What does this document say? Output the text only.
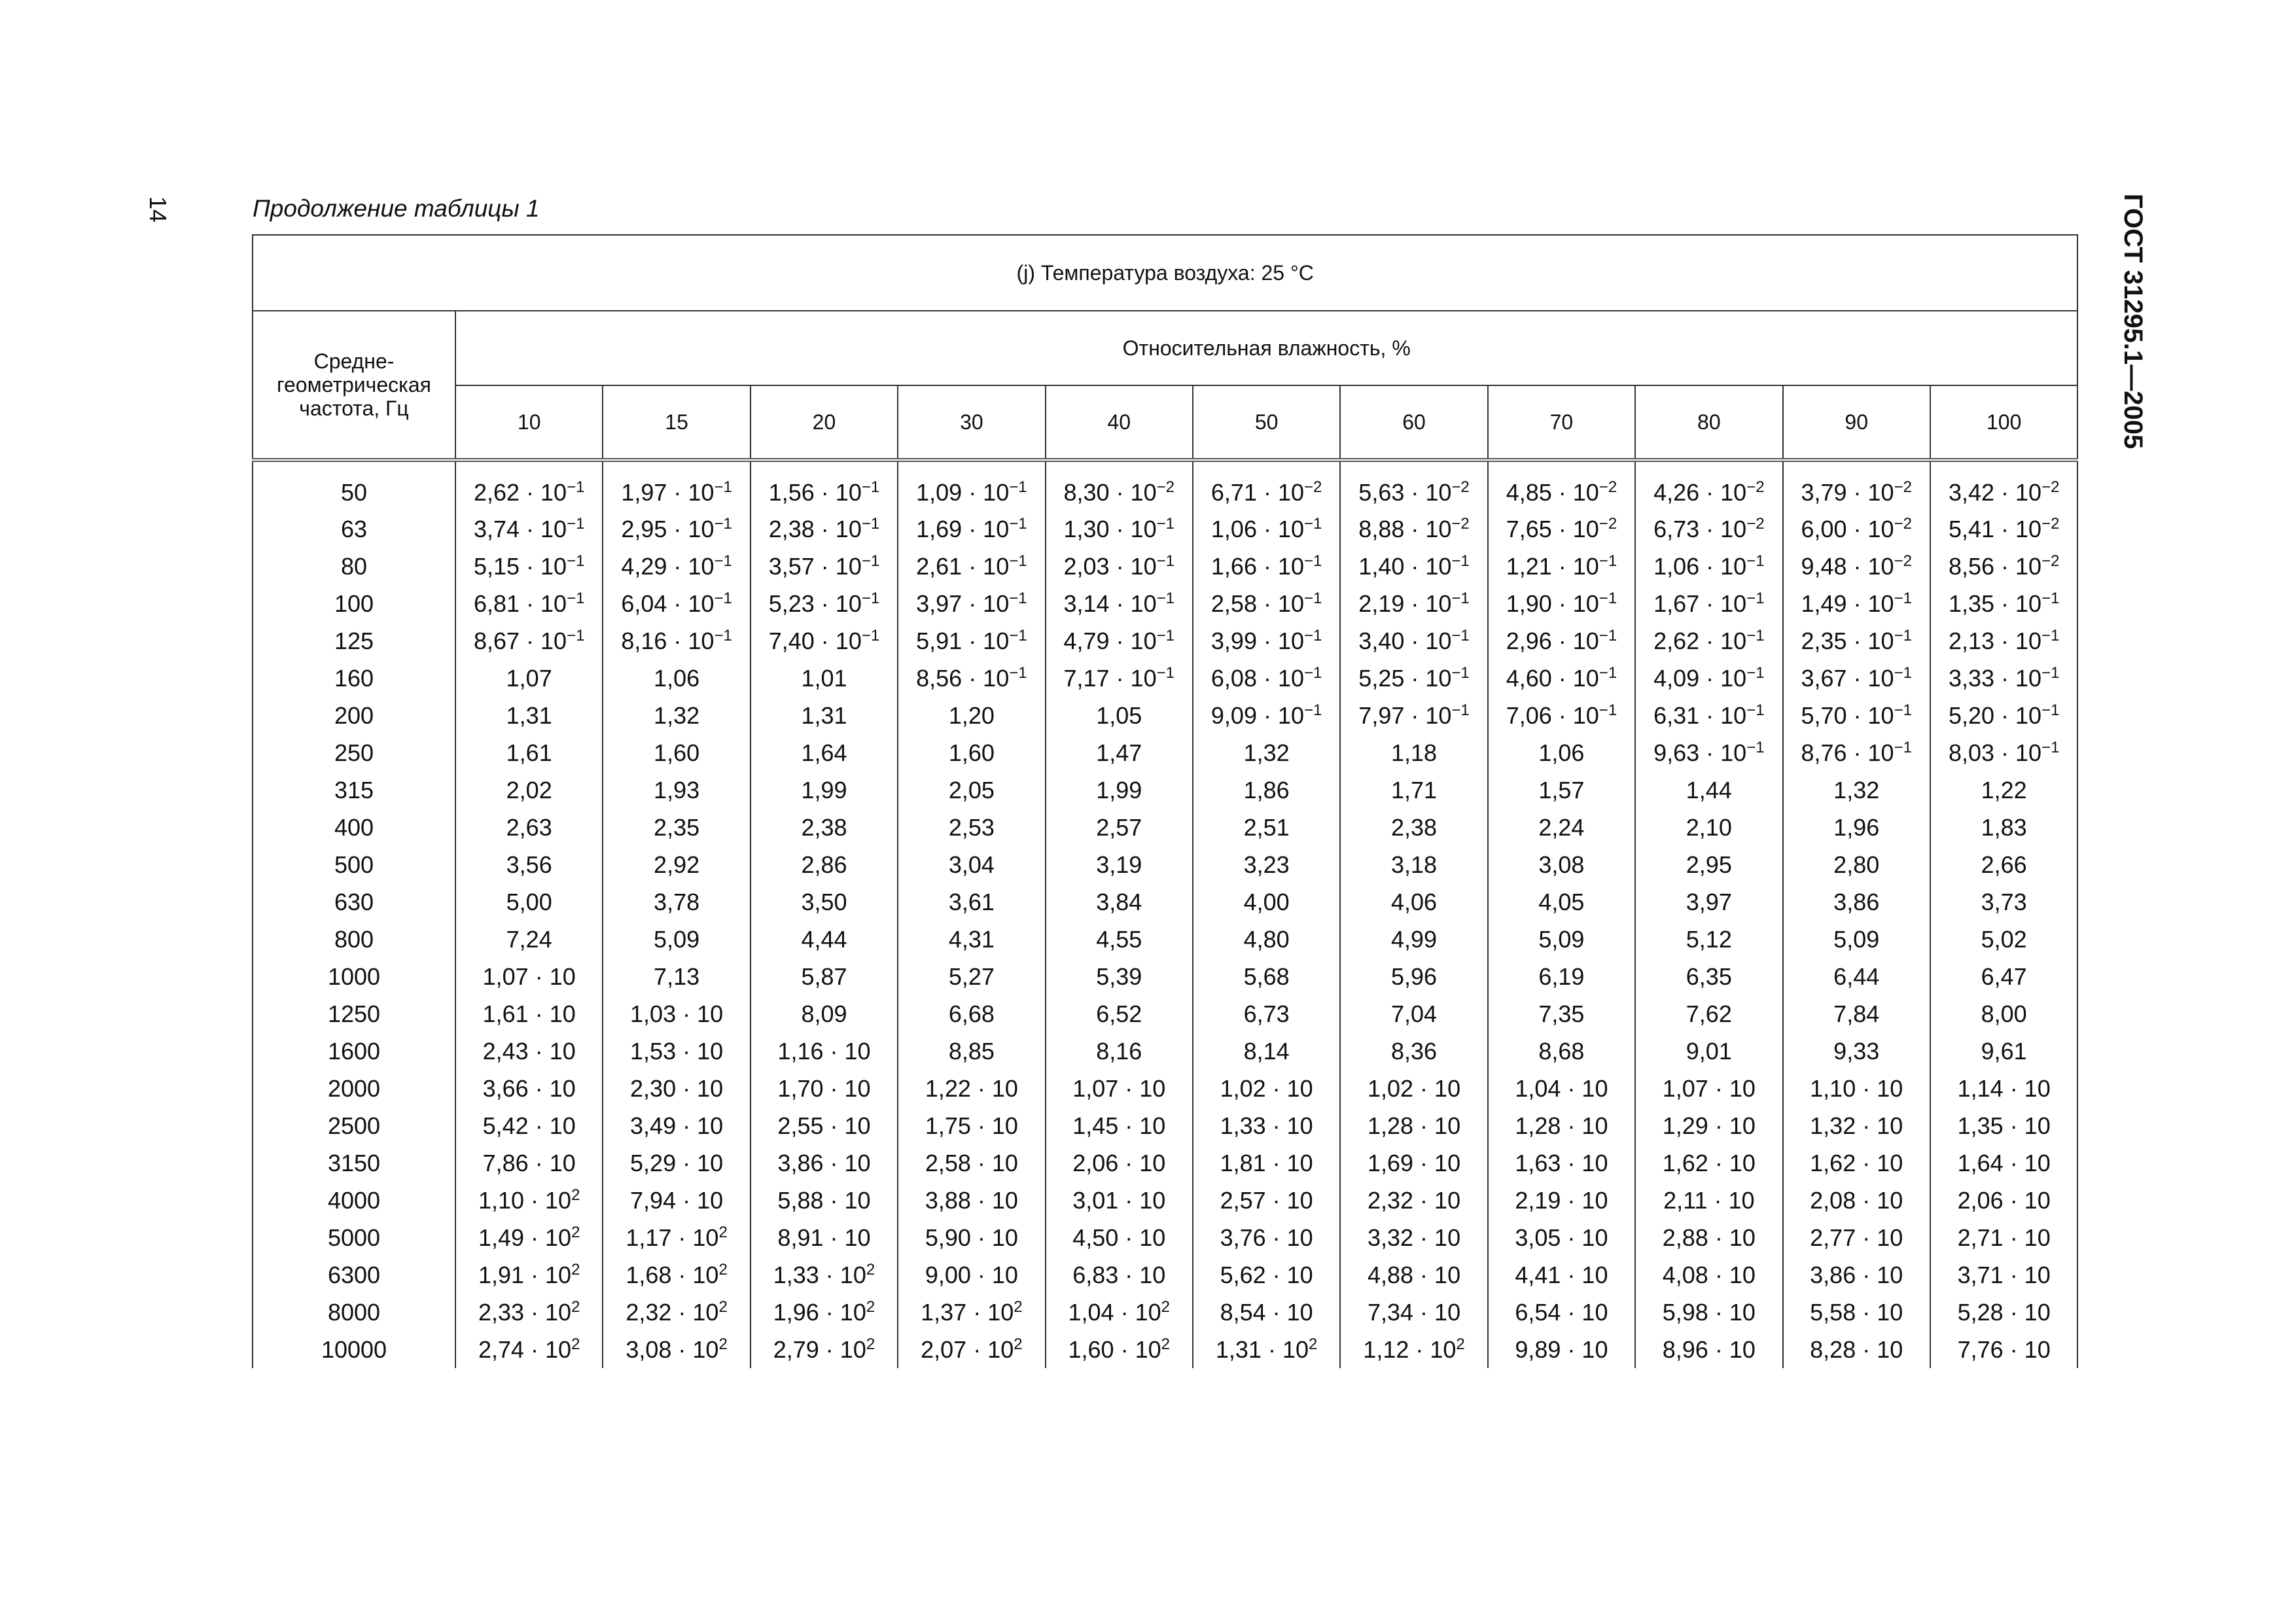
14	ГОСТ 31295.1—2005
Продолжение таблицы 1
(j) Температура воздуха: 25 °C											
Средне-геометрическая частота, Гц	Относительная влажность, %										
	10	15	20	30	40	50	60	70	80	90	100
50	$2,62 \cdot 10^{-1}$	$1,97 \cdot 10^{-1}$	$1,56 \cdot 10^{-1}$	$1,09 \cdot 10^{-1}$	$8,30 \cdot 10^{-2}$	$6,71 \cdot 10^{-2}$	$5,63 \cdot 10^{-2}$	$4,85 \cdot 10^{-2}$	$4,26 \cdot 10^{-2}$	$3,79 \cdot 10^{-2}$	$3,42 \cdot 10^{-2}$
63	$3,74 \cdot 10^{-1}$	$2,95 \cdot 10^{-1}$	$2,38 \cdot 10^{-1}$	$1,69 \cdot 10^{-1}$	$1,30 \cdot 10^{-1}$	$1,06 \cdot 10^{-1}$	$8,88 \cdot 10^{-2}$	$7,65 \cdot 10^{-2}$	$6,73 \cdot 10^{-2}$	$6,00 \cdot 10^{-2}$	$5,41 \cdot 10^{-2}$
80	$5,15 \cdot 10^{-1}$	$4,29 \cdot 10^{-1}$	$3,57 \cdot 10^{-1}$	$2,61 \cdot 10^{-1}$	$2,03 \cdot 10^{-1}$	$1,66 \cdot 10^{-1}$	$1,40 \cdot 10^{-1}$	$1,21 \cdot 10^{-1}$	$1,06 \cdot 10^{-1}$	$9,48 \cdot 10^{-2}$	$8,56 \cdot 10^{-2}$
100	$6,81 \cdot 10^{-1}$	$6,04 \cdot 10^{-1}$	$5,23 \cdot 10^{-1}$	$3,97 \cdot 10^{-1}$	$3,14 \cdot 10^{-1}$	$2,58 \cdot 10^{-1}$	$2,19 \cdot 10^{-1}$	$1,90 \cdot 10^{-1}$	$1,67 \cdot 10^{-1}$	$1,49 \cdot 10^{-1}$	$1,35 \cdot 10^{-1}$
125	$8,67 \cdot 10^{-1}$	$8,16 \cdot 10^{-1}$	$7,40 \cdot 10^{-1}$	$5,91 \cdot 10^{-1}$	$4,79 \cdot 10^{-1}$	$3,99 \cdot 10^{-1}$	$3,40 \cdot 10^{-1}$	$2,96 \cdot 10^{-1}$	$2,62 \cdot 10^{-1}$	$2,35 \cdot 10^{-1}$	$2,13 \cdot 10^{-1}$
160	1,07	1,06	1,01	$8,56 \cdot 10^{-1}$	$7,17 \cdot 10^{-1}$	$6,08 \cdot 10^{-1}$	$5,25 \cdot 10^{-1}$	$4,60 \cdot 10^{-1}$	$4,09 \cdot 10^{-1}$	$3,67 \cdot 10^{-1}$	$3,33 \cdot 10^{-1}$
200	1,31	1,32	1,31	1,20	1,05	$9,09 \cdot 10^{-1}$	$7,97 \cdot 10^{-1}$	$7,06 \cdot 10^{-1}$	$6,31 \cdot 10^{-1}$	$5,70 \cdot 10^{-1}$	$5,20 \cdot 10^{-1}$
250	1,61	1,60	1,64	1,60	1,47	1,32	1,18	1,06	$9,63 \cdot 10^{-1}$	$8,76 \cdot 10^{-1}$	$8,03 \cdot 10^{-1}$
315	2,02	1,93	1,99	2,05	1,99	1,86	1,71	1,57	1,44	1,32	1,22
400	2,63	2,35	2,38	2,53	2,57	2,51	2,38	2,24	2,10	1,96	1,83
500	3,56	2,92	2,86	3,04	3,19	3,23	3,18	3,08	2,95	2,80	2,66
630	5,00	3,78	3,50	3,61	3,84	4,00	4,06	4,05	3,97	3,86	3,73
800	7,24	5,09	4,44	4,31	4,55	4,80	4,99	5,09	5,12	5,09	5,02
1000	1,07 · 10	7,13	5,87	5,27	5,39	5,68	5,96	6,19	6,35	6,44	6,47
1250	1,61 · 10	1,03 · 10	8,09	6,68	6,52	6,73	7,04	7,35	7,62	7,84	8,00
1600	2,43 · 10	1,53 · 10	1,16 · 10	8,85	8,16	8,14	8,36	8,68	9,01	9,33	9,61
2000	3,66 · 10	2,30 · 10	1,70 · 10	1,22 · 10	1,07 · 10	1,02 · 10	1,02 · 10	1,04 · 10	1,07 · 10	1,10 · 10	1,14 · 10
2500	5,42 · 10	3,49 · 10	2,55 · 10	1,75 · 10	1,45 · 10	1,33 · 10	1,28 · 10	1,28 · 10	1,29 · 10	1,32 · 10	1,35 · 10
3150	7,86 · 10	5,29 · 10	3,86 · 10	2,58 · 10	2,06 · 10	1,81 · 10	1,69 · 10	1,63 · 10	1,62 · 10	1,62 · 10	1,64 · 10
4000	$1,10 \cdot 10^2$	7,94 · 10	5,88 · 10	3,88 · 10	3,01 · 10	2,57 · 10	2,32 · 10	2,19 · 10	2,11 · 10	2,08 · 10	2,06 · 10
5000	$1,49 \cdot 10^2$	$1,17 \cdot 10^2$	8,91 · 10	5,90 · 10	4,50 · 10	3,76 · 10	3,32 · 10	3,05 · 10	2,88 · 10	2,77 · 10	2,71 · 10
6300	$1,91 \cdot 10^2$	$1,68 \cdot 10^2$	$1,33 \cdot 10^2$	9,00 · 10	6,83 · 10	5,62 · 10	4,88 · 10	4,41 · 10	4,08 · 10	3,86 · 10	3,71 · 10
8000	$2,33 \cdot 10^2$	$2,32 \cdot 10^2$	$1,96 \cdot 10^2$	$1,37 \cdot 10^2$	$1,04 \cdot 10^2$	8,54 · 10	7,34 · 10	6,54 · 10	5,98 · 10	5,58 · 10	5,28 · 10
10000	$2,74 \cdot 10^2$	$3,08 \cdot 10^2$	$2,79 \cdot 10^2$	$2,07 \cdot 10^2$	$1,60 \cdot 10^2$	$1,31 \cdot 10^2$	$1,12 \cdot 10^2$	9,89 · 10	8,96 · 10	8,28 · 10	7,76 · 10
